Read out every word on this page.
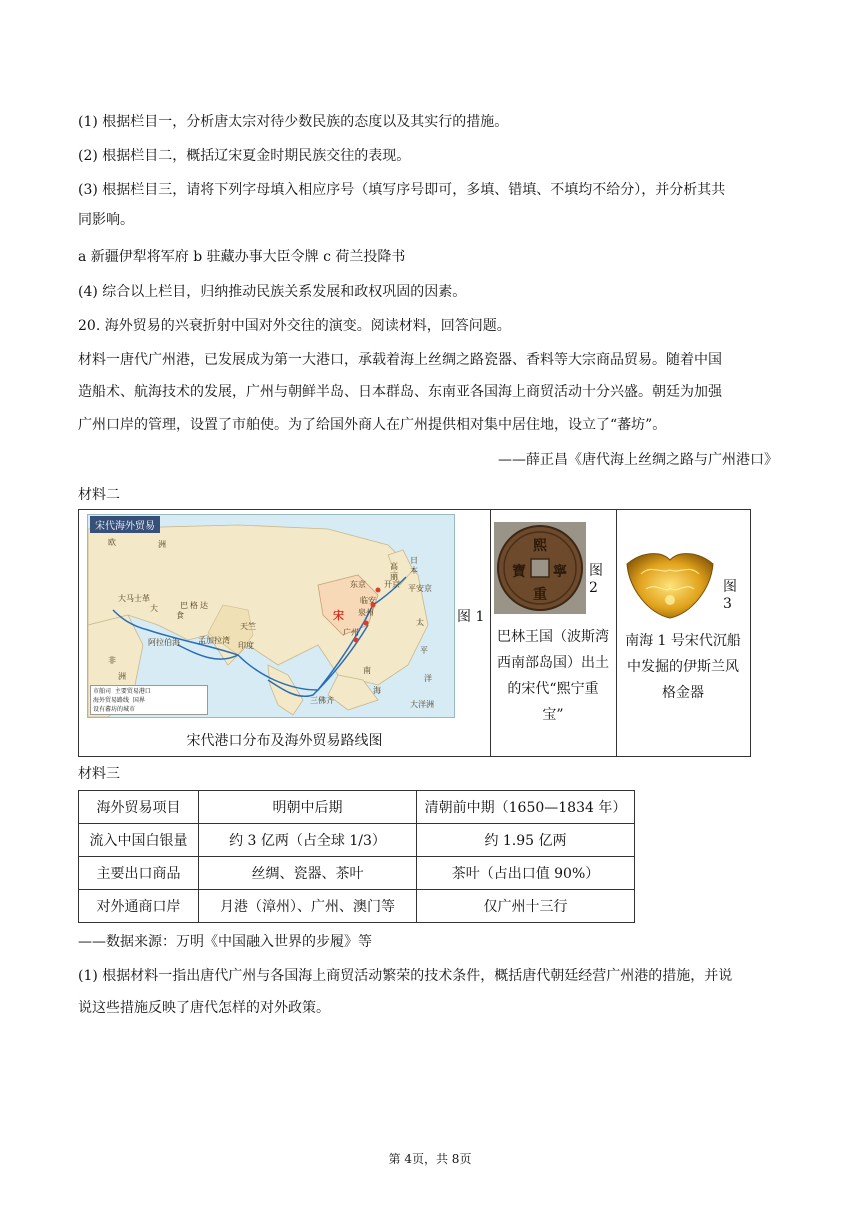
(1) 根据栏目一，分析唐太宗对待少数民族的态度以及其实行的措施。
(2) 根据栏目二，概括辽宋夏金时期民族交往的表现。
(3) 根据栏目三，请将下列字母填入相应序号（填写序号即可，多填、错填、不填均不给分），并分析其共
同影响。
a 新疆伊犁将军府 b 驻藏办事大臣令牌 c 荷兰投降书
(4) 综合以上栏目，归纳推动民族关系发展和政权巩固的因素。
20. 海外贸易的兴衰折射中国对外交往的演变。阅读材料，回答问题。
材料一唐代广州港，已发展成为第一大港口，承载着海上丝绸之路瓷器、香料等大宗商品贸易。随着中国
造船术、航海技术的发展，广州与朝鲜半岛、日本群岛、东南亚各国海上商贸活动十分兴盛。朝廷为加强
广州口岸的管理，设置了市舶使。为了给国外商人在广州提供相对集中居住地，设立了“蕃坊”。
——薛正昌《唐代海上丝绸之路与广州港口》
材料二
宋代海外贸易
欧	洲
大马士革
大
食
巴 格 达
天竺
印度
阿拉伯海 孟加拉湾
东京
临安
泉州
广州
宋
高
丽
日
本
开京 平安京
太
平
洋
南
海
三佛齐	大洋洲
非
洲
市舶司 主要贸易港口
海外贸易路线 国界
设有蕃坊的城市
宋代港口分布及海外贸易路线图
图 1

熙
寧
重
寶	图 2
巴林王国（波斯湾
西南部岛国）出土
的宋代“熙宁重
宝”

图 3
南海 1 号宋代沉船
中发掘的伊斯兰风
格金器
材料三
海外贸易项目	明朝中后期	清朝前中期（1650—1834 年）
流入中国白银量	约 3 亿两（占全球 1/3）	约 1.95 亿两
主要出口商品	丝绸、瓷器、茶叶	茶叶（占出口值 90%）
对外通商口岸	月港（漳州）、广州、澳门等	仅广州十三行
——数据来源：万明《中国融入世界的步履》等
(1) 根据材料一指出唐代广州与各国海上商贸活动繁荣的技术条件，概括唐代朝廷经营广州港的措施，并说
说这些措施反映了唐代怎样的对外政策。
第 4页，共 8页
